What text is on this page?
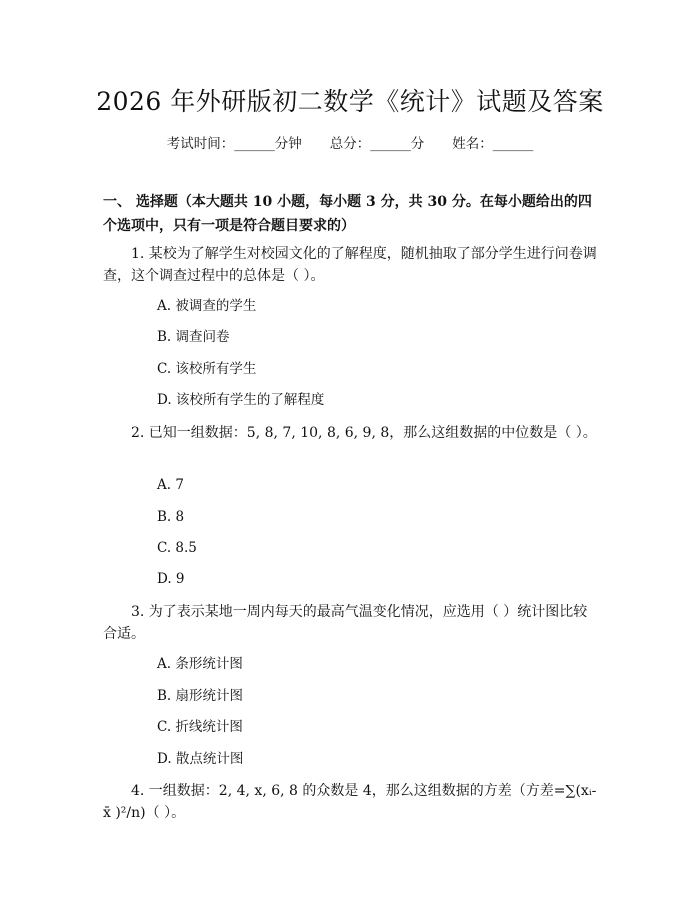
2026 年外研版初二数学《统计》试题及答案
考试时间：______分钟 总分：______分 姓名：______
一、 选择题（本大题共 10 小题，每小题 3 分，共 30 分。在每小题给出的四个选项中，只有一项是符合题目要求的）
1. 某校为了解学生对校园文化的了解程度，随机抽取了部分学生进行问卷调查，这个调查过程中的总体是（ ）。
A. 被调查的学生
B. 调查问卷
C. 该校所有学生
D. 该校所有学生的了解程度
2. 已知一组数据：5, 8, 7, 10, 8, 6, 9, 8，那么这组数据的中位数是（ ）。
A. 7
B. 8
C. 8.5
D. 9
3. 为了表示某地一周内每天的最高气温变化情况，应选用（ ）统计图比较合适。
A. 条形统计图
B. 扇形统计图
C. 折线统计图
D. 散点统计图
4. 一组数据：2, 4, x, 6, 8 的众数是 4，那么这组数据的方差（方差=∑(xᵢ-x̄ )²/n)（ ）。
